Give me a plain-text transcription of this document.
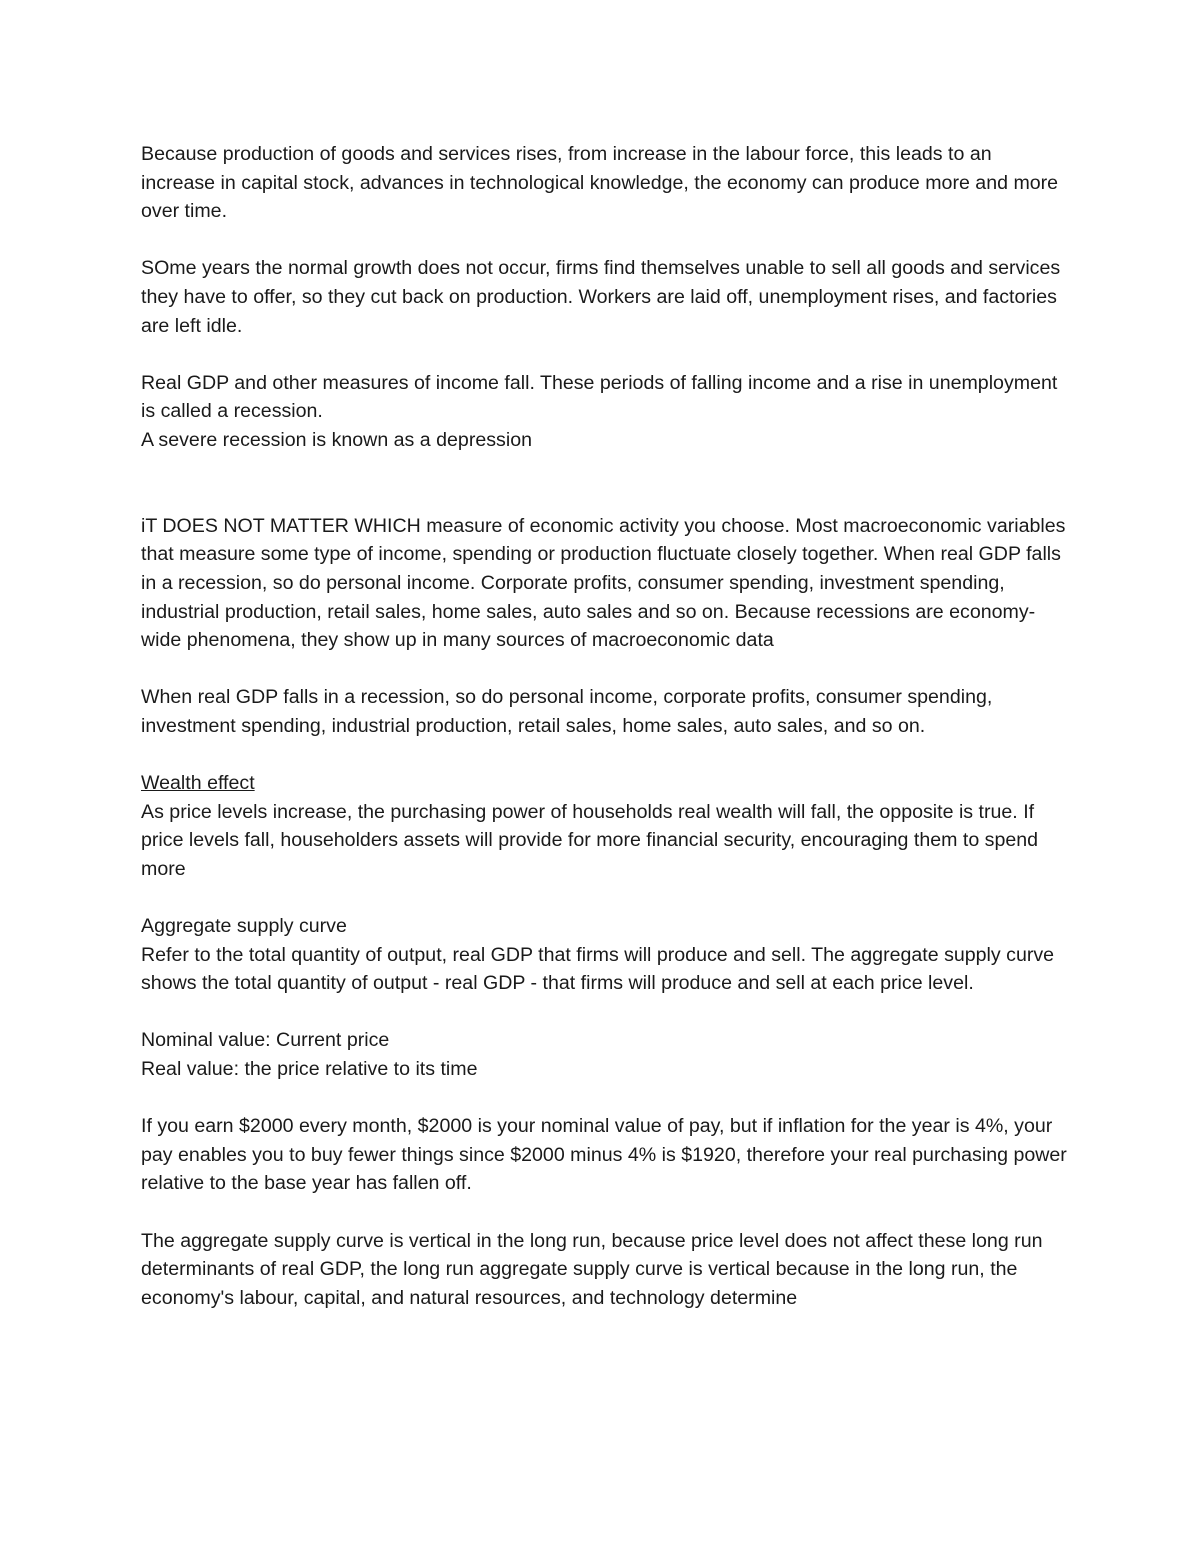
Because production of goods and services rises, from increase in the labour force, this leads to an increase in capital stock, advances in technological knowledge, the economy can produce more and more over time.

SOme years the normal growth does not occur, firms find themselves unable to sell all goods and services they have to offer, so they cut back on production. Workers are laid off, unemployment rises, and factories are left idle.

Real GDP and other measures of income fall. These periods of falling income and a rise in unemployment is called a recession.
A severe recession is known as a depression

iT DOES NOT MATTER WHICH measure of economic activity you choose. Most macroeconomic variables that measure some type of income, spending or production fluctuate closely together. When real GDP falls in a recession, so do personal income. Corporate profits, consumer spending, investment spending, industrial production, retail sales, home sales, auto sales and so on. Because recessions are economy-wide phenomena, they show up in many sources of macroeconomic data

When real GDP falls in a recession, so do personal income, corporate profits, consumer spending, investment spending, industrial production, retail sales, home sales, auto sales, and so on.

Wealth effect
As price levels increase, the purchasing power of households real wealth will fall, the opposite is true. If price levels fall, householders assets will provide for more financial security, encouraging them to spend more

Aggregate supply curve
Refer to the total quantity of output, real GDP that firms will produce and sell. The aggregate supply curve shows the total quantity of output - real GDP - that firms will produce and sell at each price level.

Nominal value: Current price
Real value: the price relative to its time

If you earn $2000 every month, $2000 is your nominal value of pay, but if inflation for the year is 4%, your pay enables you to buy fewer things since $2000 minus 4% is $1920, therefore your real purchasing power relative to the base year has fallen off.

The aggregate supply curve is vertical in the long run, because price level does not affect these long run determinants of real GDP, the long run aggregate supply curve is vertical because in the long run, the economy's labour, capital, and natural resources, and technology determine
